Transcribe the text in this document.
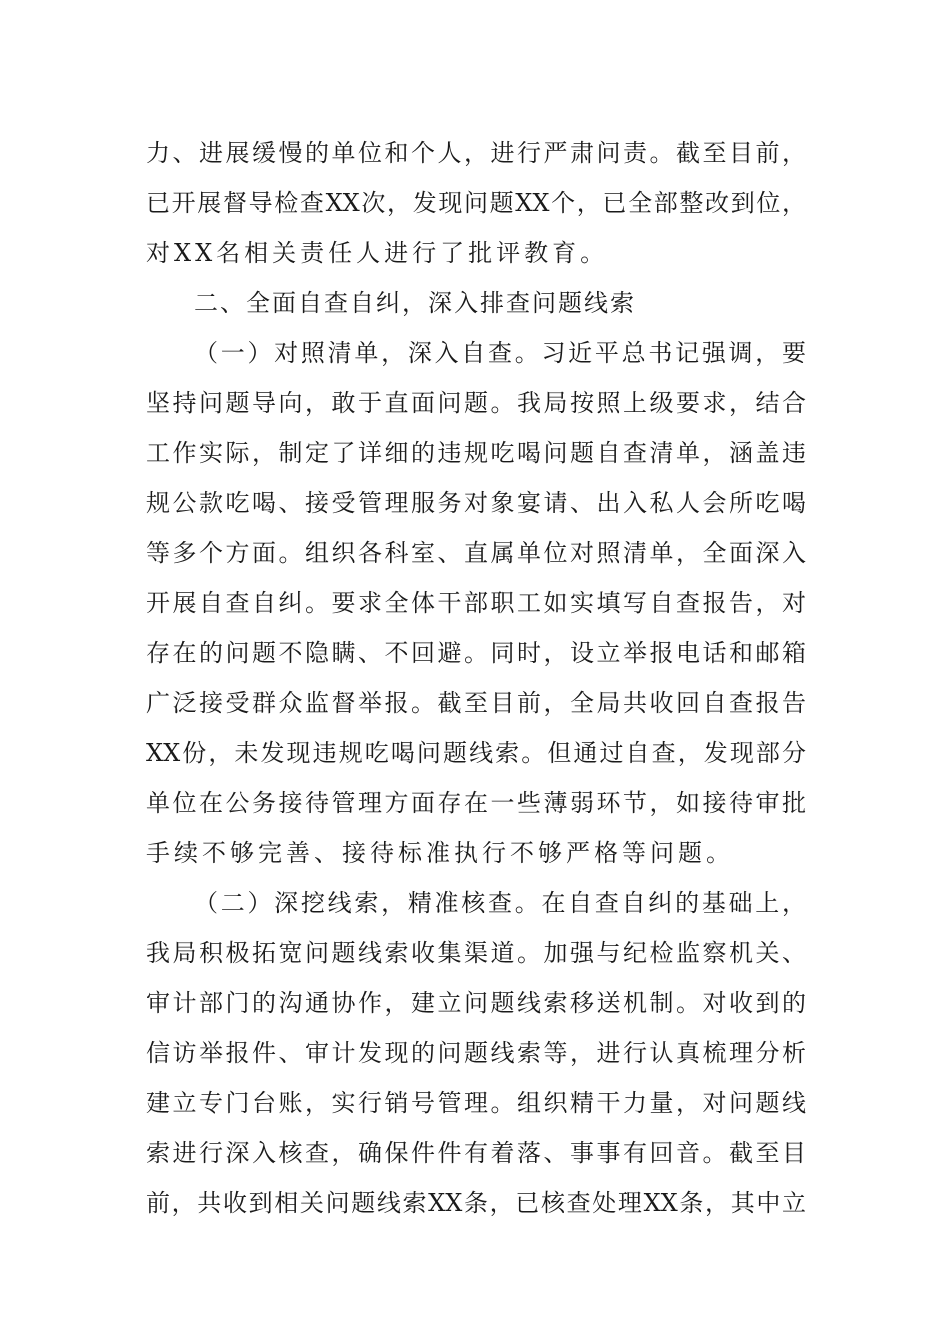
力、进展缓慢的单位和个人，进行严肃问责。截至目前，
已开展督导检查XX次，发现问题XX个，已全部整改到位，
对XX名相关责任人进行了批评教育。
二、全面自查自纠，深入排查问题线索
（一）对照清单，深入自查。习近平总书记强调，要
坚持问题导向，敢于直面问题。我局按照上级要求，结合
工作实际，制定了详细的违规吃喝问题自查清单，涵盖违
规公款吃喝、接受管理服务对象宴请、出入私人会所吃喝
等多个方面。组织各科室、直属单位对照清单，全面深入
开展自查自纠。要求全体干部职工如实填写自查报告，对
存在的问题不隐瞒、不回避。同时，设立举报电话和邮箱
广泛接受群众监督举报。截至目前，全局共收回自查报告
XX份，未发现违规吃喝问题线索。但通过自查，发现部分
单位在公务接待管理方面存在一些薄弱环节，如接待审批
手续不够完善、接待标准执行不够严格等问题。
（二）深挖线索，精准核查。在自查自纠的基础上，
我局积极拓宽问题线索收集渠道。加强与纪检监察机关、
审计部门的沟通协作，建立问题线索移送机制。对收到的
信访举报件、审计发现的问题线索等，进行认真梳理分析
建立专门台账，实行销号管理。组织精干力量，对问题线
索进行深入核查，确保件件有着落、事事有回音。截至目
前，共收到相关问题线索XX条，已核查处理XX条，其中立
